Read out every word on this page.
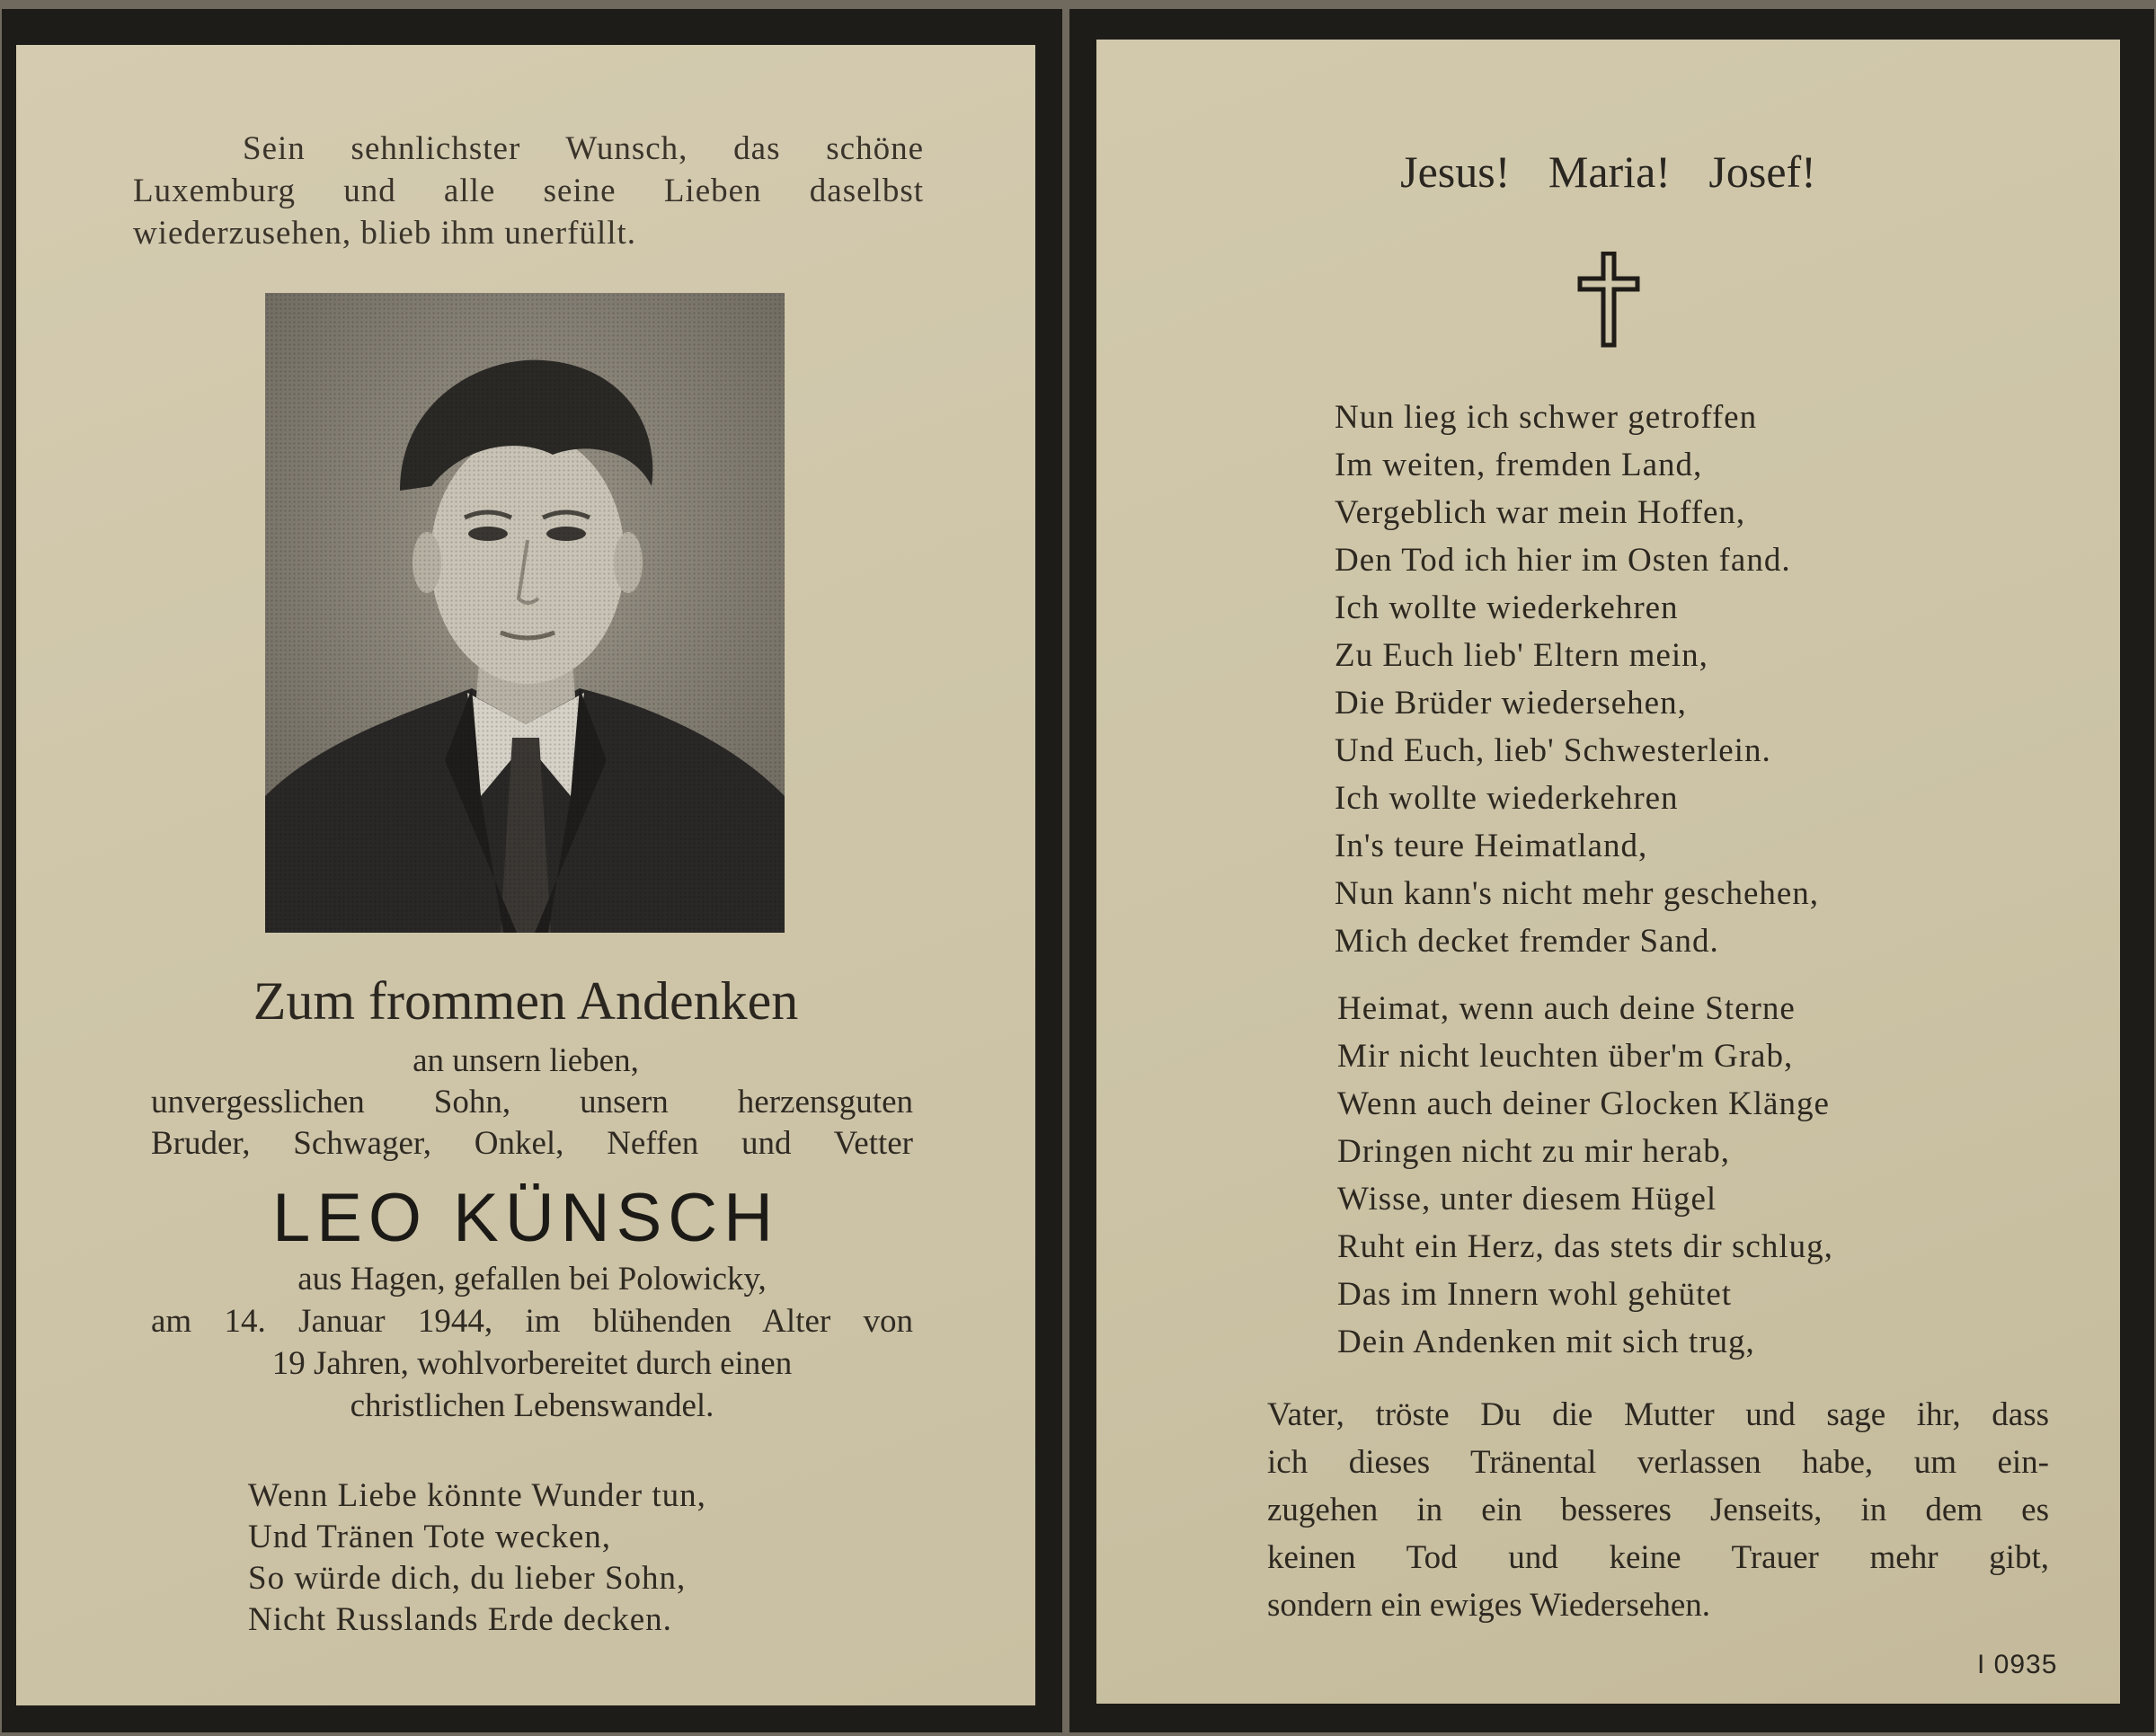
Sein sehnlichster Wunsch, das schöne
Luxemburg und alle seine Lieben daselbst
wiederzusehen, blieb ihm unerfüllt.

Zum frommen Andenken

an unsern lieben,

unvergesslichen Sohn, unsern herzensguten

Bruder, Schwager, Onkel, Neffen und Vetter

LEO KÜNSCH

aus Hagen, gefallen bei Polowicky,
am 14. Januar 1944, im blühenden Alter von
19 Jahren, wohlvorbereitet durch einen
christlichen Lebenswandel.
Wenn Liebe könnte Wunder tun,
Und Tränen Tote wecken,
So würde dich, du lieber Sohn,
Nicht Russlands Erde decken.

Jesus! Maria! Josef!

Nun lieg ich schwer getroffen
Im weiten, fremden Land,
Vergeblich war mein Hoffen,
Den Tod ich hier im Osten fand.
Ich wollte wiederkehren
Zu Euch lieb' Eltern mein,
Die Brüder wiedersehen,
Und Euch, lieb' Schwesterlein.
Ich wollte wiederkehren
In's teure Heimatland,
Nun kann's nicht mehr geschehen,
Mich decket fremder Sand.
Heimat, wenn auch deine Sterne
Mir nicht leuchten über'm Grab,
Wenn auch deiner Glocken Klänge
Dringen nicht zu mir herab,
Wisse, unter diesem Hügel
Ruht ein Herz, das stets dir schlug,
Das im Innern wohl gehütet
Dein Andenken mit sich trug,
Vater, tröste Du die Mutter und sage ihr, dass
ich dieses Tränental verlassen habe, um ein-
zugehen in ein besseres Jenseits, in dem es
keinen Tod und keine Trauer mehr gibt,
sondern ein ewiges Wiedersehen.

I 0935
